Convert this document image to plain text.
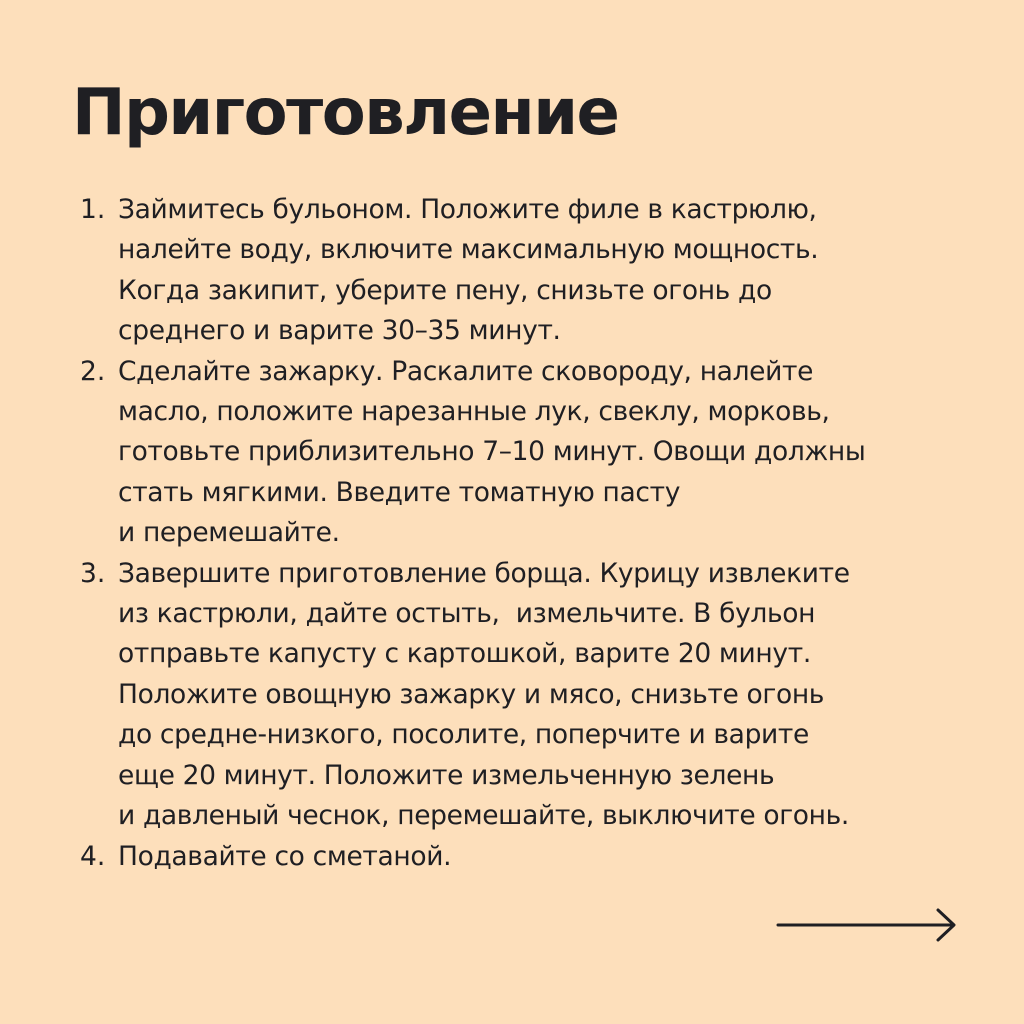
Приготовление
1. Займитесь бульоном. Положите филе в кастрюлю,
налейте воду, включите максимальную мощность.
Когда закипит, уберите пену, снизьте огонь до
среднего и варите 30–35 минут.
2. Сделайте зажарку. Раскалите сковороду, налейте
масло, положите нарезанные лук, свеклу, морковь,
готовьте приблизительно 7–10 минут. Овощи должны
стать мягкими. Введите томатную пасту
и перемешайте.
3. Завершите приготовление борща. Курицу извлеките
из кастрюли, дайте остыть,  измельчите. В бульон
отправьте капусту с картошкой, варите 20 минут.
Положите овощную зажарку и мясо, снизьте огонь
до средне-низкого, посолите, поперчите и варите
еще 20 минут. Положите измельченную зелень
и давленый чеснок, перемешайте, выключите огонь.
4. Подавайте со сметаной.
